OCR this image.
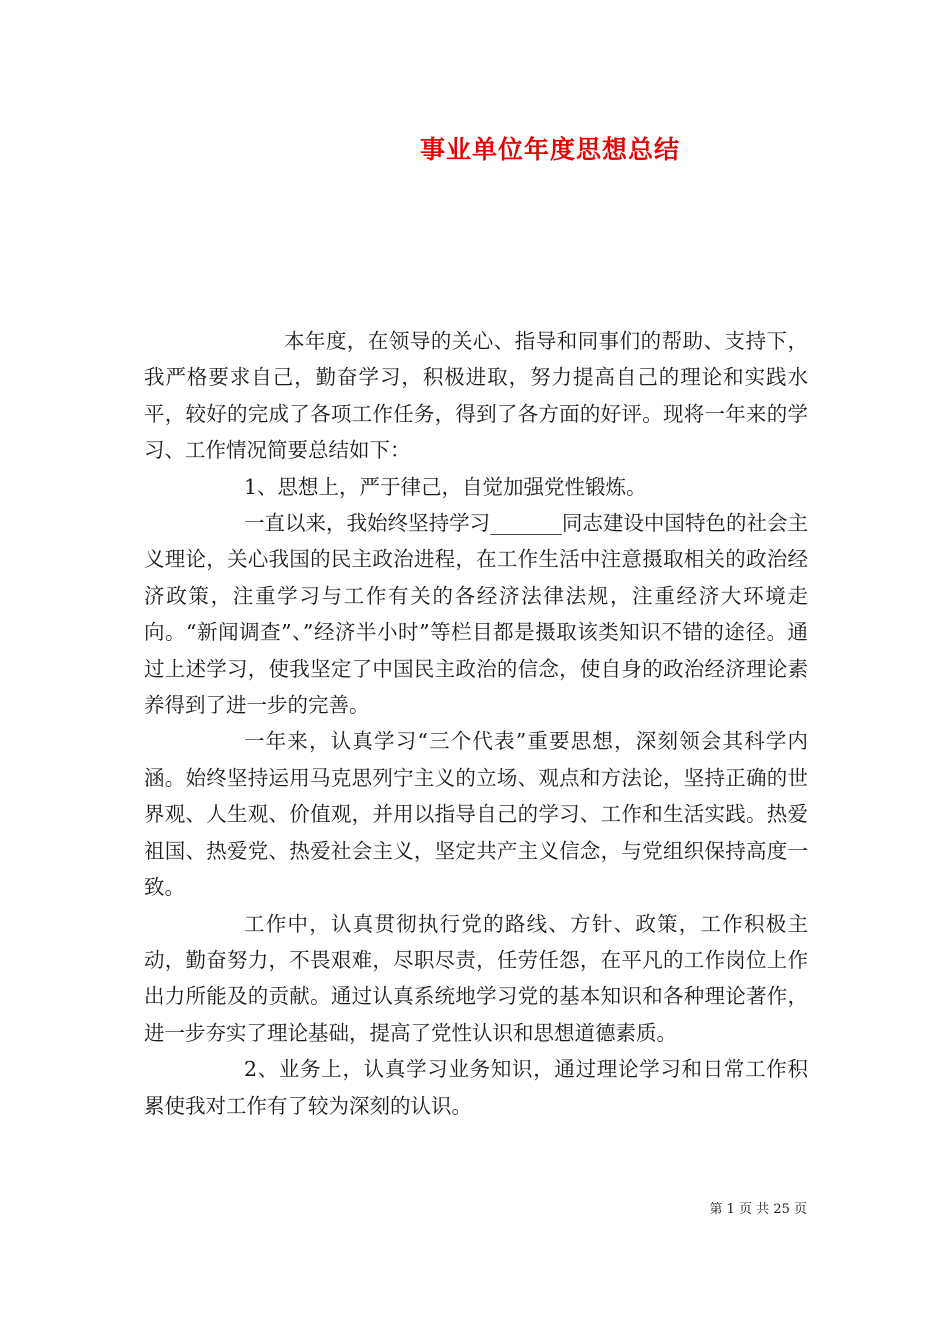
事业单位年度思想总结

本年度，在领导的关心、指导和同事们的帮助、支持下，我严格要求自己，勤奋学习，积极进取，努力提高自己的理论和实践水平，较好的完成了各项工作任务，得到了各方面的好评。现将一年来的学习、工作情况简要总结如下：

1、思想上，严于律己，自觉加强党性锻炼。

一直以来，我始终坚持学习_______同志建设中国特色的社会主义理论，关心我国的民主政治进程，在工作生活中注意摄取相关的政治经济政策，注重学习与工作有关的各经济法律法规，注重经济大环境走向。“新闻调查”、”经济半小时”等栏目都是摄取该类知识不错的途径。通过上述学习，使我坚定了中国民主政治的信念，使自身的政治经济理论素养得到了进一步的完善。

一年来，认真学习“三个代表”重要思想，深刻领会其科学内涵。始终坚持运用马克思列宁主义的立场、观点和方法论，坚持正确的世界观、人生观、价值观，并用以指导自己的学习、工作和生活实践。热爱祖国、热爱党、热爱社会主义，坚定共产主义信念，与党组织保持高度一致。

工作中，认真贯彻执行党的路线、方针、政策，工作积极主动，勤奋努力，不畏艰难，尽职尽责，任劳任怨，在平凡的工作岗位上作出力所能及的贡献。通过认真系统地学习党的基本知识和各种理论著作，进一步夯实了理论基础，提高了党性认识和思想道德素质。

2、业务上，认真学习业务知识，通过理论学习和日常工作积累使我对工作有了较为深刻的认识。

第 1 页 共 25 页
